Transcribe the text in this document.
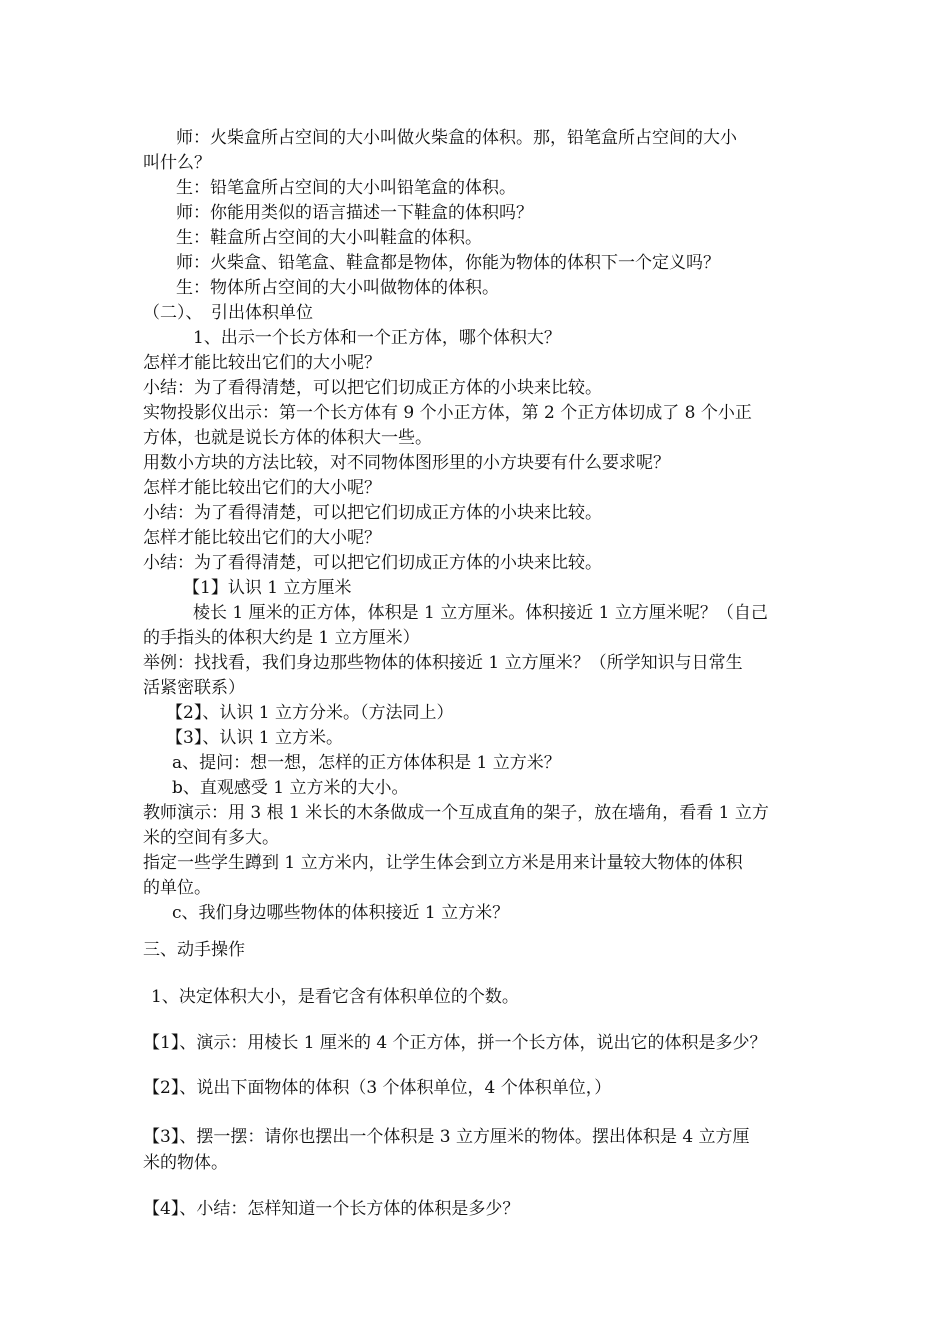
师：火柴盒所占空间的大小叫做火柴盒的体积。那，铅笔盒所占空间的大小
叫什么？
生：铅笔盒所占空间的大小叫铅笔盒的体积。
师：你能用类似的语言描述一下鞋盒的体积吗？
生：鞋盒所占空间的大小叫鞋盒的体积。
师：火柴盒、铅笔盒、鞋盒都是物体，你能为物体的体积下一个定义吗？
生：物体所占空间的大小叫做物体的体积。
（二）、　引出体积单位
1、出示一个长方体和一个正方体，哪个体积大？
怎样才能比较出它们的大小呢？
小结：为了看得清楚，可以把它们切成正方体的小块来比较。
实物投影仪出示：第一个长方体有 9 个小正方体，第 2 个正方体切成了 8 个小正
方体，也就是说长方体的体积大一些。
用数小方块的方法比较，对不同物体图形里的小方块要有什么要求呢？
怎样才能比较出它们的大小呢？
小结：为了看得清楚，可以把它们切成正方体的小块来比较。
怎样才能比较出它们的大小呢？
小结：为了看得清楚，可以把它们切成正方体的小块来比较。
【1】认识 1 立方厘米
棱长 1 厘米的正方体，体积是 1 立方厘米。体积接近 1 立方厘米呢？（自己
的手指头的体积大约是 1 立方厘米）
举例：找找看，我们身边那些物体的体积接近 1 立方厘米？（所学知识与日常生
活紧密联系）
【2】、认识 1 立方分米。（方法同上）
【3】、认识 1 立方米。
a、提问：想一想，怎样的正方体体积是 1 立方米？
b、直观感受 1 立方米的大小。
教师演示：用 3 根 1 米长的木条做成一个互成直角的架子，放在墙角，看看 1 立方
米的空间有多大。
指定一些学生蹲到 1 立方米内，让学生体会到立方米是用来计量较大物体的体积
的单位。
c、我们身边哪些物体的体积接近 1 立方米？
三、动手操作
1、决定体积大小，是看它含有体积单位的个数。
【1】、演示：用棱长 1 厘米的 4 个正方体，拼一个长方体，说出它的体积是多少？
【2】、说出下面物体的体积（3 个体积单位，4 个体积单位，）
【3】、摆一摆：请你也摆出一个体积是 3 立方厘米的物体。摆出体积是 4 立方厘
米的物体。
【4】、小结：怎样知道一个长方体的体积是多少？
